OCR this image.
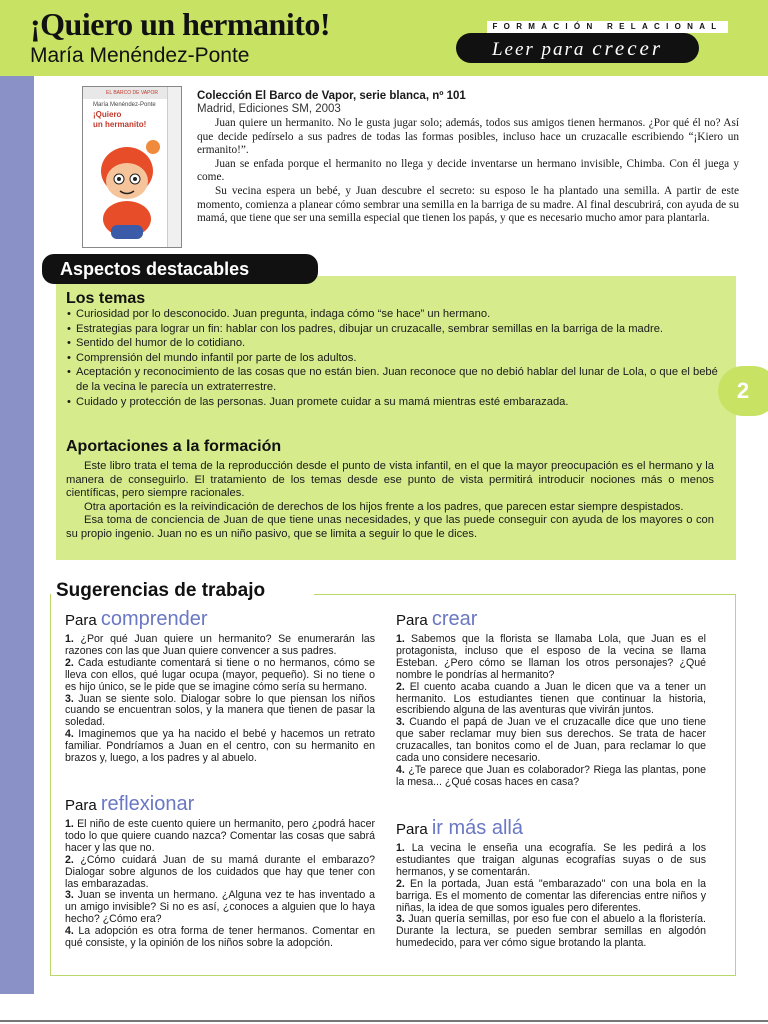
¡Quiero un hermanito!
María Menéndez-Ponte
FORMACIÓN RELACIONAL
Leer para crecer
EL BARCO DE VAPOR
María Menéndez-Ponte
¡Quiero
un hermanito!
Colección El Barco de Vapor, serie blanca, nº 101
Madrid, Ediciones SM, 2003

Juan quiere un hermanito. No le gusta jugar solo; además, todos sus amigos tienen hermanos. ¿Por qué él no? Así que decide pedírselo a sus padres de todas las formas posibles, incluso hace un cruzacalle escribiendo “¡Kiero un ermanito!”.

Juan se enfada porque el hermanito no llega y decide inventarse un hermano invisible, Chimba. Con él juega y come.

Su vecina espera un bebé, y Juan descubre el secreto: su esposo le ha plantado una semilla. A partir de este momento, comienza a planear cómo sembrar una semilla en la barriga de su madre. Al final descubrirá, con ayuda de su mamá, que tiene que ser una semilla especial que tienen los papás, y que es necesario mucho amor para plantarla.

Aspectos destacables
Los temas
• Curiosidad por lo desconocido. Juan pregunta, indaga cómo “se hace” un hermano.
• Estrategias para lograr un fin: hablar con los padres, dibujar un cruzacalle, sembrar semillas en la barriga de la madre.
• Sentido del humor de lo cotidiano.
• Comprensión del mundo infantil por parte de los adultos.
• Aceptación y reconocimiento de las cosas que no están bien. Juan reconoce que no debió hablar del lunar de Lola, o que el bebé de la vecina le parecía un extraterrestre.
• Cuidado y protección de las personas. Juan promete cuidar a su mamá mientras esté embarazada.
Aportaciones a la formación

Este libro trata el tema de la reproducción desde el punto de vista infantil, en el que la mayor preocupación es el hermano y la manera de conseguirlo. El tratamiento de los temas desde ese punto de vista permitirá introducir nociones más o menos científicas, pero siempre racionales.

Otra aportación es la reivindicación de derechos de los hijos frente a los padres, que parecen estar siempre despistados.

Esa toma de conciencia de Juan de que tiene unas necesidades, y que las puede conseguir con ayuda de los mayores o con su propio ingenio. Juan no es un niño pasivo, que se limita a seguir lo que le dices.

2
Sugerencias de trabajo

Para comprender

1. ¿Por qué Juan quiere un hermanito? Se enumerarán las razones con las que Juan quiere convencer a sus padres.
2. Cada estudiante comentará si tiene o no hermanos, cómo se lleva con ellos, qué lugar ocupa (mayor, pequeño). Si no tiene o es hijo único, se le pide que se imagine cómo sería su hermano.
3. Juan se siente solo. Dialogar sobre lo que piensan los niños cuando se encuentran solos, y la manera que tienen de pasar la soledad.
4. Imaginemos que ya ha nacido el bebé y hacemos un retrato familiar. Pondríamos a Juan en el centro, con su hermanito en brazos y, luego, a los padres y al abuelo.

Para reflexionar

1. El niño de este cuento quiere un hermanito, pero ¿podrá hacer todo lo que quiere cuando nazca? Comentar las cosas que sabrá hacer y las que no.
2. ¿Cómo cuidará Juan de su mamá durante el embarazo? Dialogar sobre algunos de los cuidados que hay que tener con las embarazadas.
3. Juan se inventa un hermano. ¿Alguna vez te has inventado a un amigo invisible? Si no es así, ¿conoces a alguien que lo haya hecho? ¿Cómo era?
4. La adopción es otra forma de tener hermanos. Comentar en qué consiste, y la opinión de los niños sobre la adopción.

Para crear

1. Sabemos que la florista se llamaba Lola, que Juan es el protagonista, incluso que el esposo de la vecina se llama Esteban. ¿Pero cómo se llaman los otros personajes? ¿Qué nombre le pondrías al hermanito?
2. El cuento acaba cuando a Juan le dicen que va a tener un hermanito. Los estudiantes tienen que continuar la historia, escribiendo alguna de las aventuras que vivirán juntos.
3. Cuando el papá de Juan ve el cruzacalle dice que uno tiene que saber reclamar muy bien sus derechos. Se trata de hacer cruzacalles, tan bonitos como el de Juan, para reclamar lo que cada uno considere necesario.
4. ¿Te parece que Juan es colaborador? Riega las plantas, pone la mesa... ¿Qué cosas haces en casa?

Para ir más allá

1. La vecina le enseña una ecografía. Se les pedirá a los estudiantes que traigan algunas ecografías suyas o de sus hermanos, y se comentarán.
2. En la portada, Juan está "embarazado" con una bola en la barriga. Es el momento de comentar las diferencias entre niños y niñas, la idea de que somos iguales pero diferentes.
3. Juan quería semillas, por eso fue con el abuelo a la floristería. Durante la lectura, se pueden sembrar semillas en algodón humedecido, para ver cómo sigue brotando la planta.
